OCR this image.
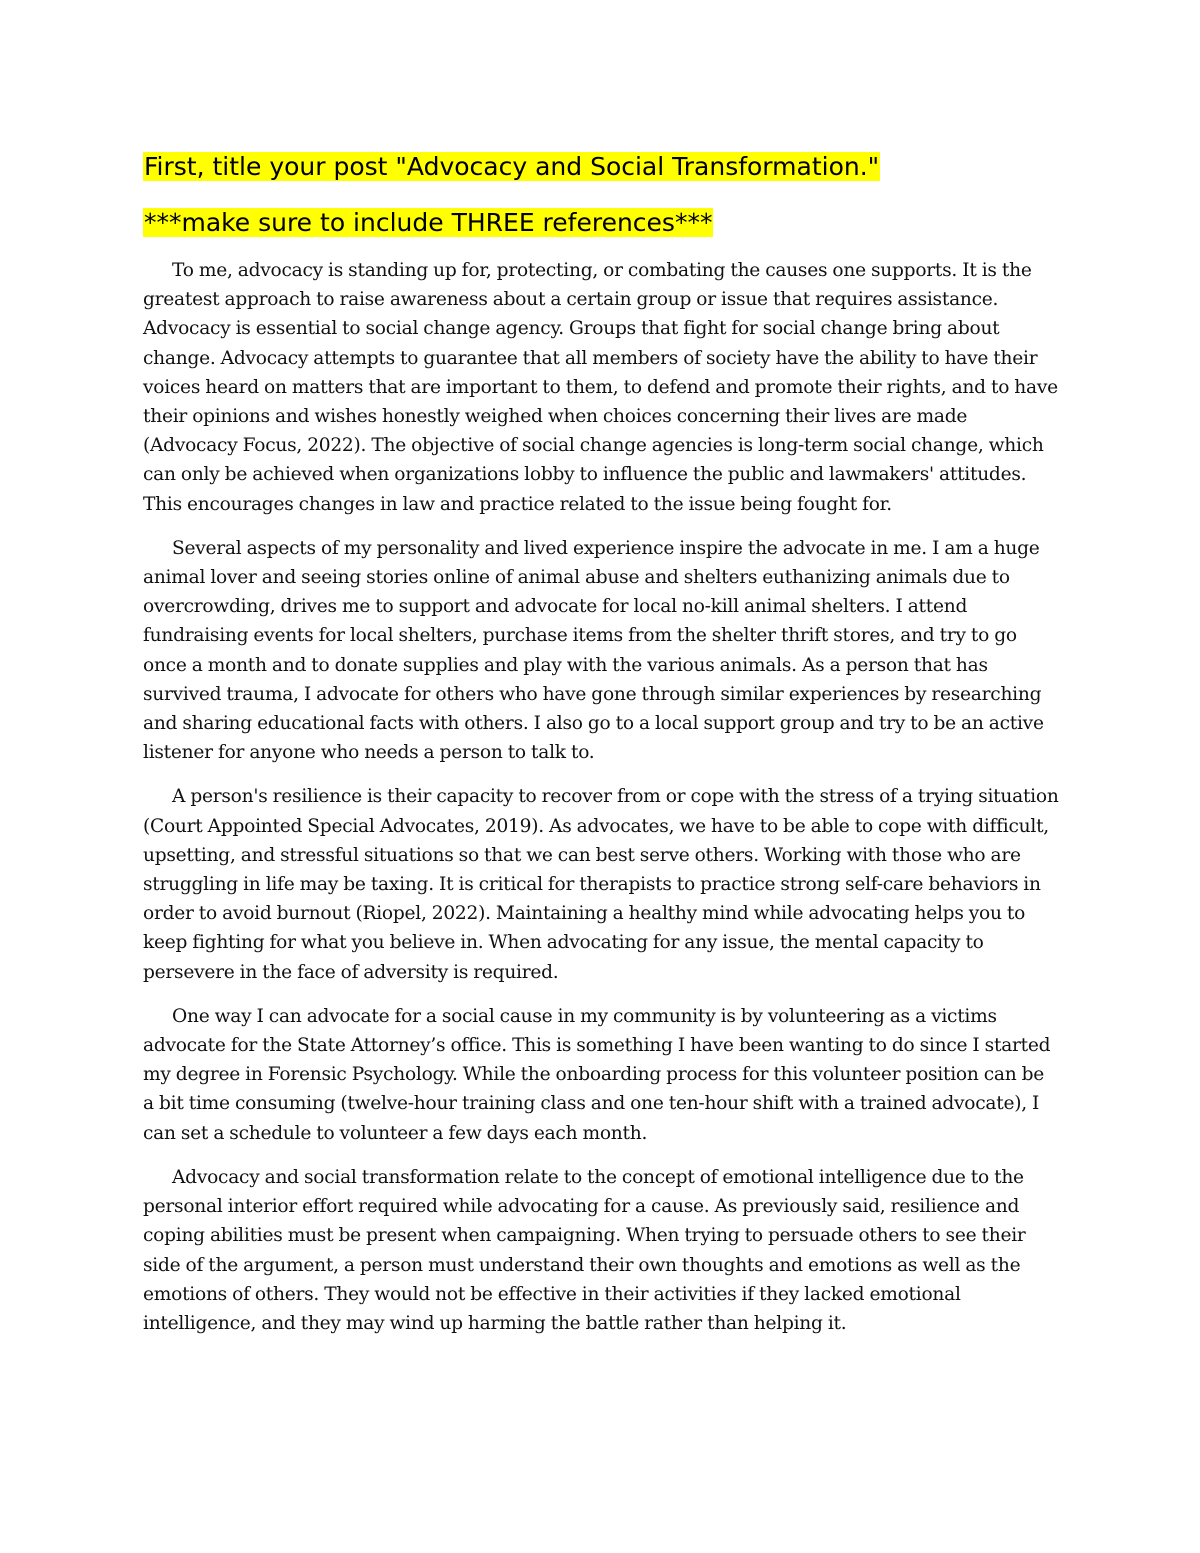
First, title your post "Advocacy and Social Transformation."

***make sure to include THREE references***

To me, advocacy is standing up for, protecting, or combating the causes one supports. It is the greatest approach to raise awareness about a certain group or issue that requires assistance. Advocacy is essential to social change agency. Groups that fight for social change bring about change. Advocacy attempts to guarantee that all members of society have the ability to have their voices heard on matters that are important to them, to defend and promote their rights, and to have their opinions and wishes honestly weighed when choices concerning their lives are made (Advocacy Focus, 2022). The objective of social change agencies is long-term social change, which can only be achieved when organizations lobby to influence the public and lawmakers' attitudes. This encourages changes in law and practice related to the issue being fought for.

Several aspects of my personality and lived experience inspire the advocate in me. I am a huge animal lover and seeing stories online of animal abuse and shelters euthanizing animals due to overcrowding, drives me to support and advocate for local no-kill animal shelters. I attend fundraising events for local shelters, purchase items from the shelter thrift stores, and try to go once a month and to donate supplies and play with the various animals. As a person that has survived trauma, I advocate for others who have gone through similar experiences by researching and sharing educational facts with others. I also go to a local support group and try to be an active listener for anyone who needs a person to talk to.

A person's resilience is their capacity to recover from or cope with the stress of a trying situation (Court Appointed Special Advocates, 2019). As advocates, we have to be able to cope with difficult, upsetting, and stressful situations so that we can best serve others. Working with those who are struggling in life may be taxing. It is critical for therapists to practice strong self-care behaviors in order to avoid burnout (Riopel, 2022). Maintaining a healthy mind while advocating helps you to keep fighting for what you believe in. When advocating for any issue, the mental capacity to persevere in the face of adversity is required.

One way I can advocate for a social cause in my community is by volunteering as a victims advocate for the State Attorney’s office. This is something I have been wanting to do since I started my degree in Forensic Psychology. While the onboarding process for this volunteer position can be a bit time consuming (twelve-hour training class and one ten-hour shift with a trained advocate), I can set a schedule to volunteer a few days each month.

Advocacy and social transformation relate to the concept of emotional intelligence due to the personal interior effort required while advocating for a cause. As previously said, resilience and coping abilities must be present when campaigning. When trying to persuade others to see their side of the argument, a person must understand their own thoughts and emotions as well as the emotions of others. They would not be effective in their activities if they lacked emotional intelligence, and they may wind up harming the battle rather than helping it.
